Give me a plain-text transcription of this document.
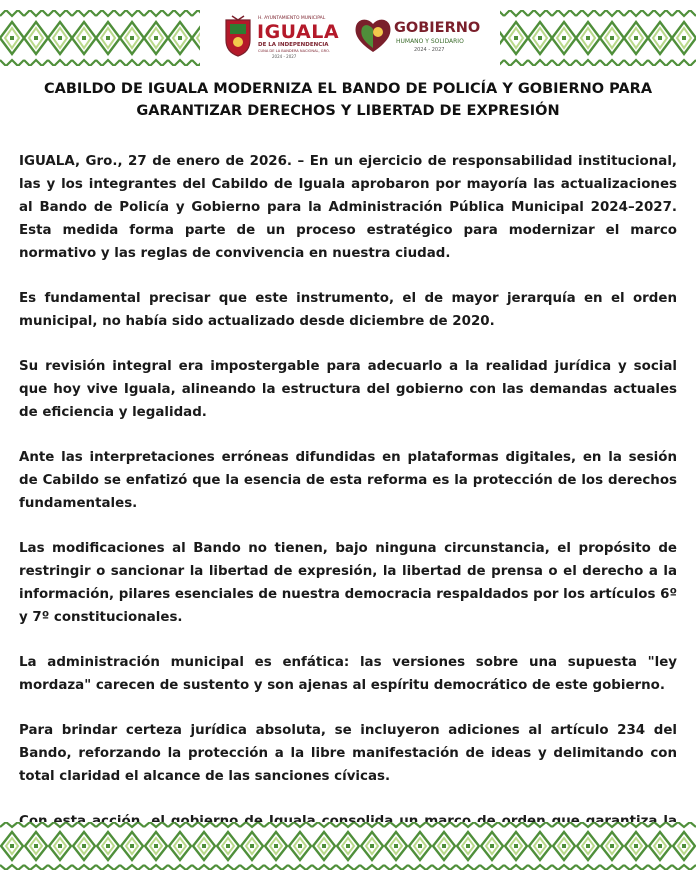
H. AYUNTAMIENTO MUNICIPAL
IGUALA
DE LA INDEPENDENCIA
CUNA DE LA BANDERA NACIONAL, GRO.
2024 - 2027
GOBIERNO
HUMANO Y SOLIDARIO
2024 - 2027
CABILDO DE IGUALA MODERNIZA EL BANDO DE POLICÍA Y GOBIERNO PARA GARANTIZAR DERECHOS Y LIBERTAD DE EXPRESIÓN

IGUALA, Gro., 27 de enero de 2026. – En un ejercicio de responsabilidad institucional, las y los integrantes del Cabildo de Iguala aprobaron por mayoría las actualizaciones al Bando de Policía y Gobierno para la Administración Pública Municipal 2024–2027. Esta medida forma parte de un proceso estratégico para modernizar el marco normativo y las reglas de convivencia en nuestra ciudad.

Es fundamental precisar que este instrumento, el de mayor jerarquía en el orden municipal, no había sido actualizado desde diciembre de 2020.

Su revisión integral era impostergable para adecuarlo a la realidad jurídica y social que hoy vive Iguala, alineando la estructura del gobierno con las demandas actuales de eficiencia y legalidad.

Ante las interpretaciones erróneas difundidas en plataformas digitales, en la sesión de Cabildo se enfatizó que la esencia de esta reforma es la protección de los derechos fundamentales.

Las modificaciones al Bando no tienen, bajo ninguna circunstancia, el propósito de restringir o sancionar la libertad de expresión, la libertad de prensa o el derecho a la información, pilares esenciales de nuestra democracia respaldados por los artículos 6º y 7º constitucionales.

La administración municipal es enfática: las versiones sobre una supuesta "ley mordaza" carecen de sustento y son ajenas al espíritu democrático de este gobierno.

Para brindar certeza jurídica absoluta, se incluyeron adiciones al artículo 234 del Bando, reforzando la protección a la libre manifestación de ideas y delimitando con total claridad el alcance de las sanciones cívicas.
